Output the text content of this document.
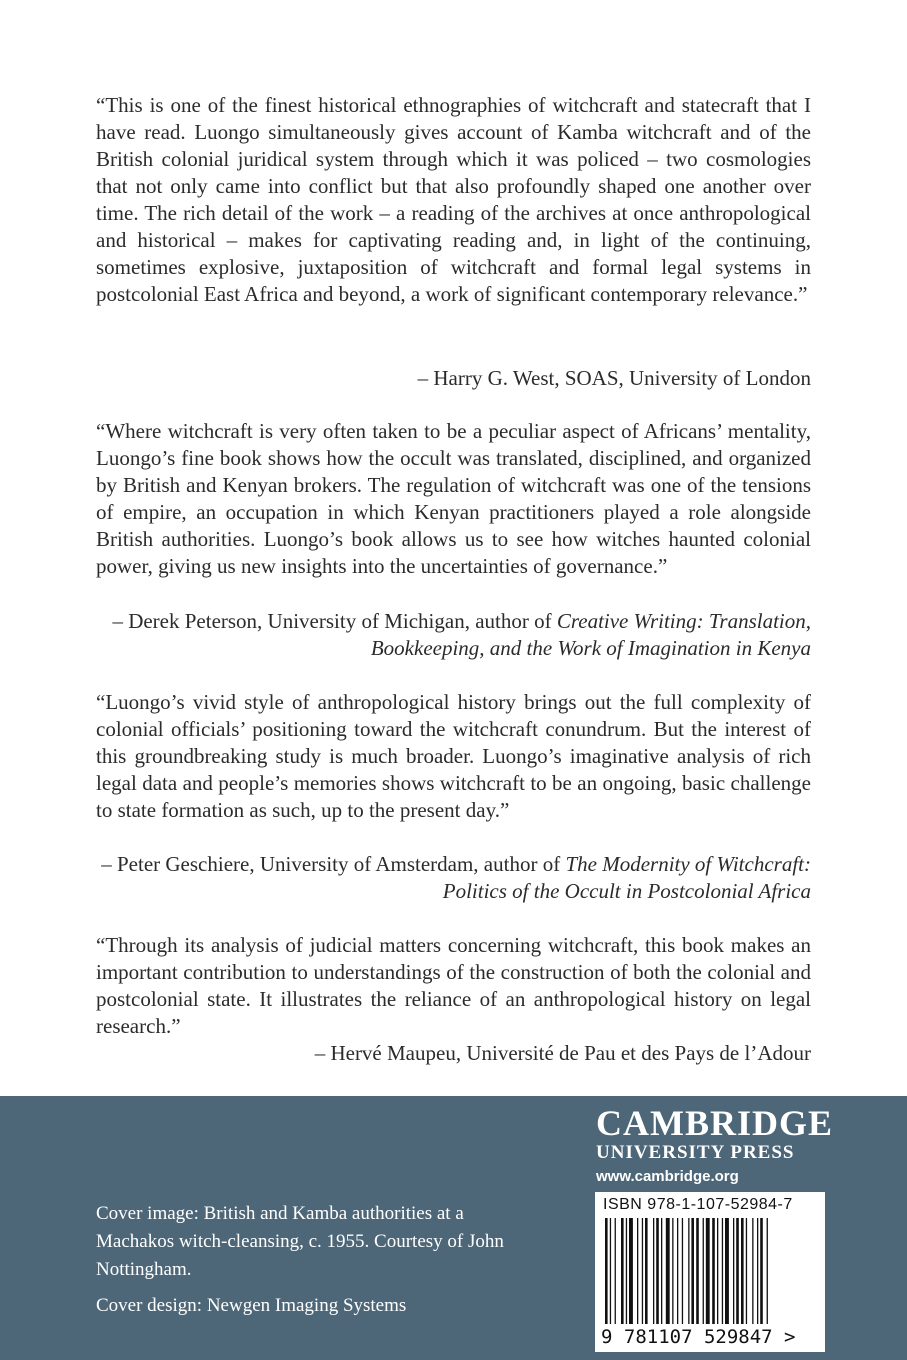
“This is one of the finest historical ethnographies of witchcraft and statecraft that I have read. Luongo simultaneously gives account of Kamba witchcraft and of the British colonial juridical system through which it was policed – two cosmologies that not only came into conflict but that also profoundly shaped one another over time. The rich detail of the work – a reading of the archives at once anthropological and historical – makes for captivating reading and, in light of the continuing, sometimes explosive, juxtaposition of witchcraft and formal legal systems in postcolonial East Africa and beyond, a work of significant contemporary relevance.”
– Harry G. West, SOAS, University of London
“Where witchcraft is very often taken to be a peculiar aspect of Africans’ mentality, Luongo’s fine book shows how the occult was translated, disciplined, and organized by British and Kenyan brokers. The regulation of witchcraft was one of the tensions of empire, an occupation in which Kenyan practitioners played a role alongside British authorities. Luongo’s book allows us to see how witches haunted colonial power, giving us new insights into the uncertainties of governance.”
– Derek Peterson, University of Michigan, author of Creative Writing: Translation, Bookkeeping, and the Work of Imagination in Kenya
“Luongo’s vivid style of anthropological history brings out the full complexity of colonial officials’ positioning toward the witchcraft conundrum. But the interest of this groundbreaking study is much broader. Luongo’s imaginative analysis of rich legal data and people’s memories shows witchcraft to be an ongoing, basic challenge to state formation as such, up to the present day.”
– Peter Geschiere, University of Amsterdam, author of The Modernity of Witchcraft: Politics of the Occult in Postcolonial Africa
“Through its analysis of judicial matters concerning witchcraft, this book makes an important contribution to understandings of the construction of both the colonial and postcolonial state. It illustrates the reliance of an anthropological history on legal research.”
– Hervé Maupeu, Université de Pau et des Pays de l’Adour

Cover image: British and Kamba authorities at a Machakos witch-cleansing, c. 1955. Courtesy of John Nottingham.

Cover design: Newgen Imaging Systems

CAMBRIDGE
UNIVERSITY PRESS
www.cambridge.org
ISBN 978-1-107-52984-7
9 781107 529847 >
